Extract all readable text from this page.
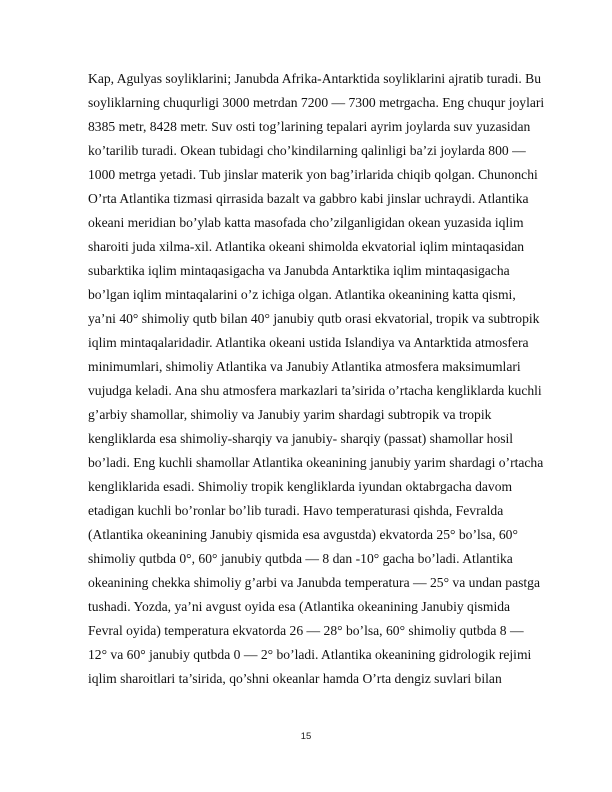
Kap, Agulyas soyliklarini; Janubda Afrika-Antarktida soyliklarini ajratib turadi. Bu
soyliklarning chuqurligi 3000 metrdan 7200 — 7300 metrgacha. Eng chuqur joylari
8385 metr, 8428 metr. Suv osti tog’larining tepalari ayrim joylarda suv yuzasidan
ko’tarilib turadi. Okean tubidagi cho’kindilarning qalinligi ba’zi joylarda 800 —
1000 metrga yetadi. Tub jinslar materik yon bag’irlarida chiqib qolgan. Chunonchi
O’rta Atlantika tizmasi qirrasida bazalt va gabbro kabi jinslar uchraydi. Atlantika
okeani meridian bo’ylab katta masofada cho’zilganligidan okean yuzasida iqlim
sharoiti juda xilma-xil. Atlantika okeani shimolda ekvatorial iqlim mintaqasidan
subarktika iqlim mintaqasigacha va Janubda Antarktika iqlim mintaqasigacha
bo’lgan iqlim mintaqalarini o’z ichiga olgan. Atlantika okeanining katta qismi,
ya’ni 40° shimoliy qutb bilan 40° janubiy qutb orasi ekvatorial, tropik va subtropik
iqlim mintaqalaridadir. Atlantika okeani ustida Islandiya va Antarktida atmosfera
minimumlari, shimoliy Atlantika va Janubiy Atlantika atmosfera maksimumlari
vujudga keladi. Ana shu atmosfera markazlari ta’sirida o’rtacha kengliklarda kuchli
g’arbiy shamollar, shimoliy va Janubiy yarim shardagi subtropik va tropik
kengliklarda esa shimoliy-sharqiy va janubiy- sharqiy (passat) shamollar hosil
bo’ladi. Eng kuchli shamollar Atlantika okeanining janubiy yarim shardagi o’rtacha
kengliklarida esadi. Shimoliy tropik kengliklarda iyundan oktabrgacha davom
etadigan kuchli bo’ronlar bo’lib turadi. Havo temperaturasi qishda, Fevralda
(Atlantika okeanining Janubiy qismida esa avgustda) ekvatorda 25° bo’lsa, 60°
shimoliy qutbda 0°, 60° janubiy qutbda — 8 dan -10° gacha bo’ladi. Atlantika
okeanining chekka shimoliy g’arbi va Janubda temperatura — 25° va undan pastga
tushadi. Yozda, ya’ni avgust oyida esa (Atlantika okeanining Janubiy qismida
Fevral oyida) temperatura ekvatorda 26 — 28° bo’lsa, 60° shimoliy qutbda 8 —
12° va 60° janubiy qutbda 0 — 2° bo’ladi. Atlantika okeanining gidrologik rejimi
iqlim sharoitlari ta’sirida, qo’shni okeanlar hamda O’rta dengiz suvlari bilan
15
